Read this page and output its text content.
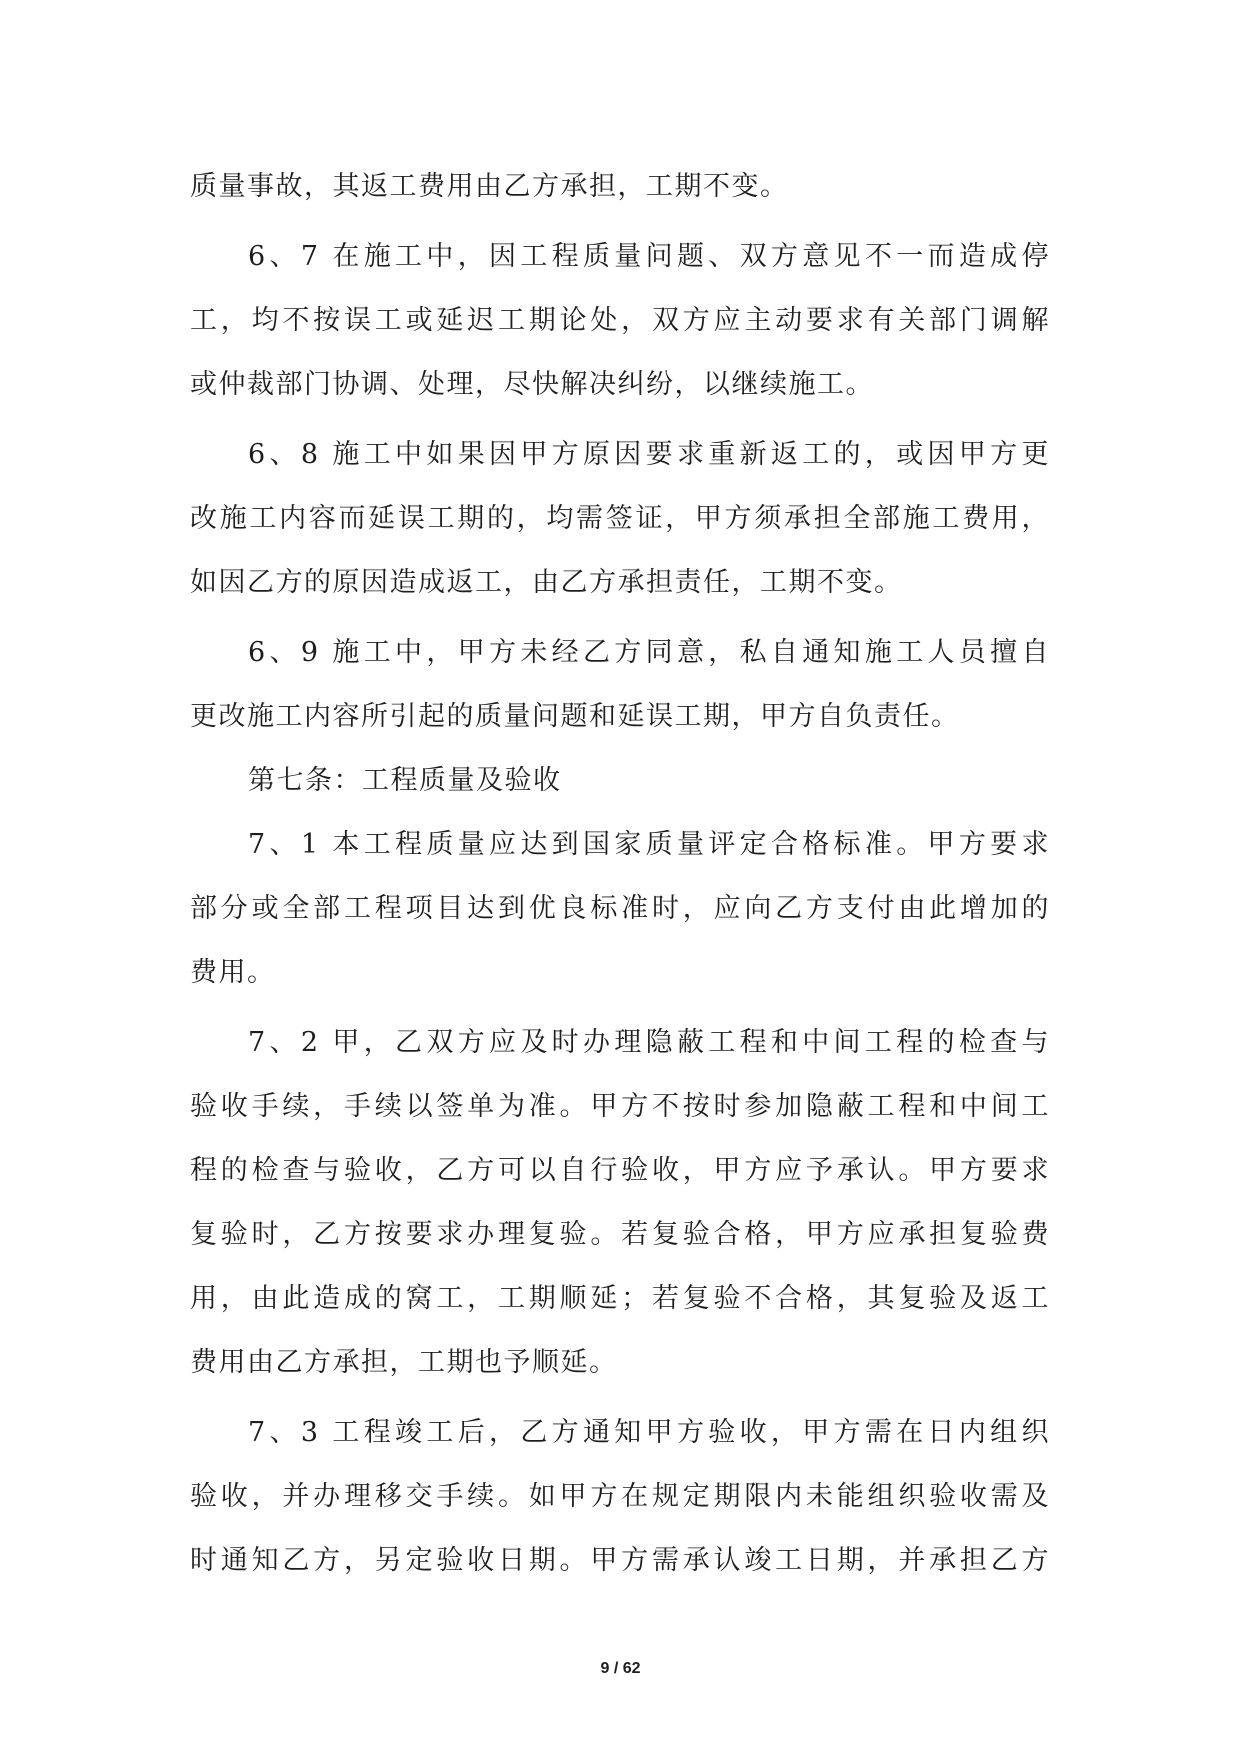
质量事故，其返工费用由乙方承担，工期不变。
6、7 在施工中，因工程质量问题、双方意见不一而造成停
工，均不按误工或延迟工期论处，双方应主动要求有关部门调解
或仲裁部门协调、处理，尽快解决纠纷，以继续施工。
6、8 施工中如果因甲方原因要求重新返工的，或因甲方更
改施工内容而延误工期的，均需签证，甲方须承担全部施工费用，
如因乙方的原因造成返工，由乙方承担责任，工期不变。
6、9 施工中，甲方未经乙方同意，私自通知施工人员擅自
更改施工内容所引起的质量问题和延误工期，甲方自负责任。
第七条：工程质量及验收
7、1 本工程质量应达到国家质量评定合格标准。甲方要求
部分或全部工程项目达到优良标准时，应向乙方支付由此增加的
费用。
7、2 甲，乙双方应及时办理隐蔽工程和中间工程的检查与
验收手续，手续以签单为准。甲方不按时参加隐蔽工程和中间工
程的检查与验收，乙方可以自行验收，甲方应予承认。甲方要求
复验时，乙方按要求办理复验。若复验合格，甲方应承担复验费
用，由此造成的窝工，工期顺延；若复验不合格，其复验及返工
费用由乙方承担，工期也予顺延。
7、3 工程竣工后，乙方通知甲方验收，甲方需在日内组织
验收，并办理移交手续。如甲方在规定期限内未能组织验收需及
时通知乙方，另定验收日期。甲方需承认竣工日期，并承担乙方
9 / 62
